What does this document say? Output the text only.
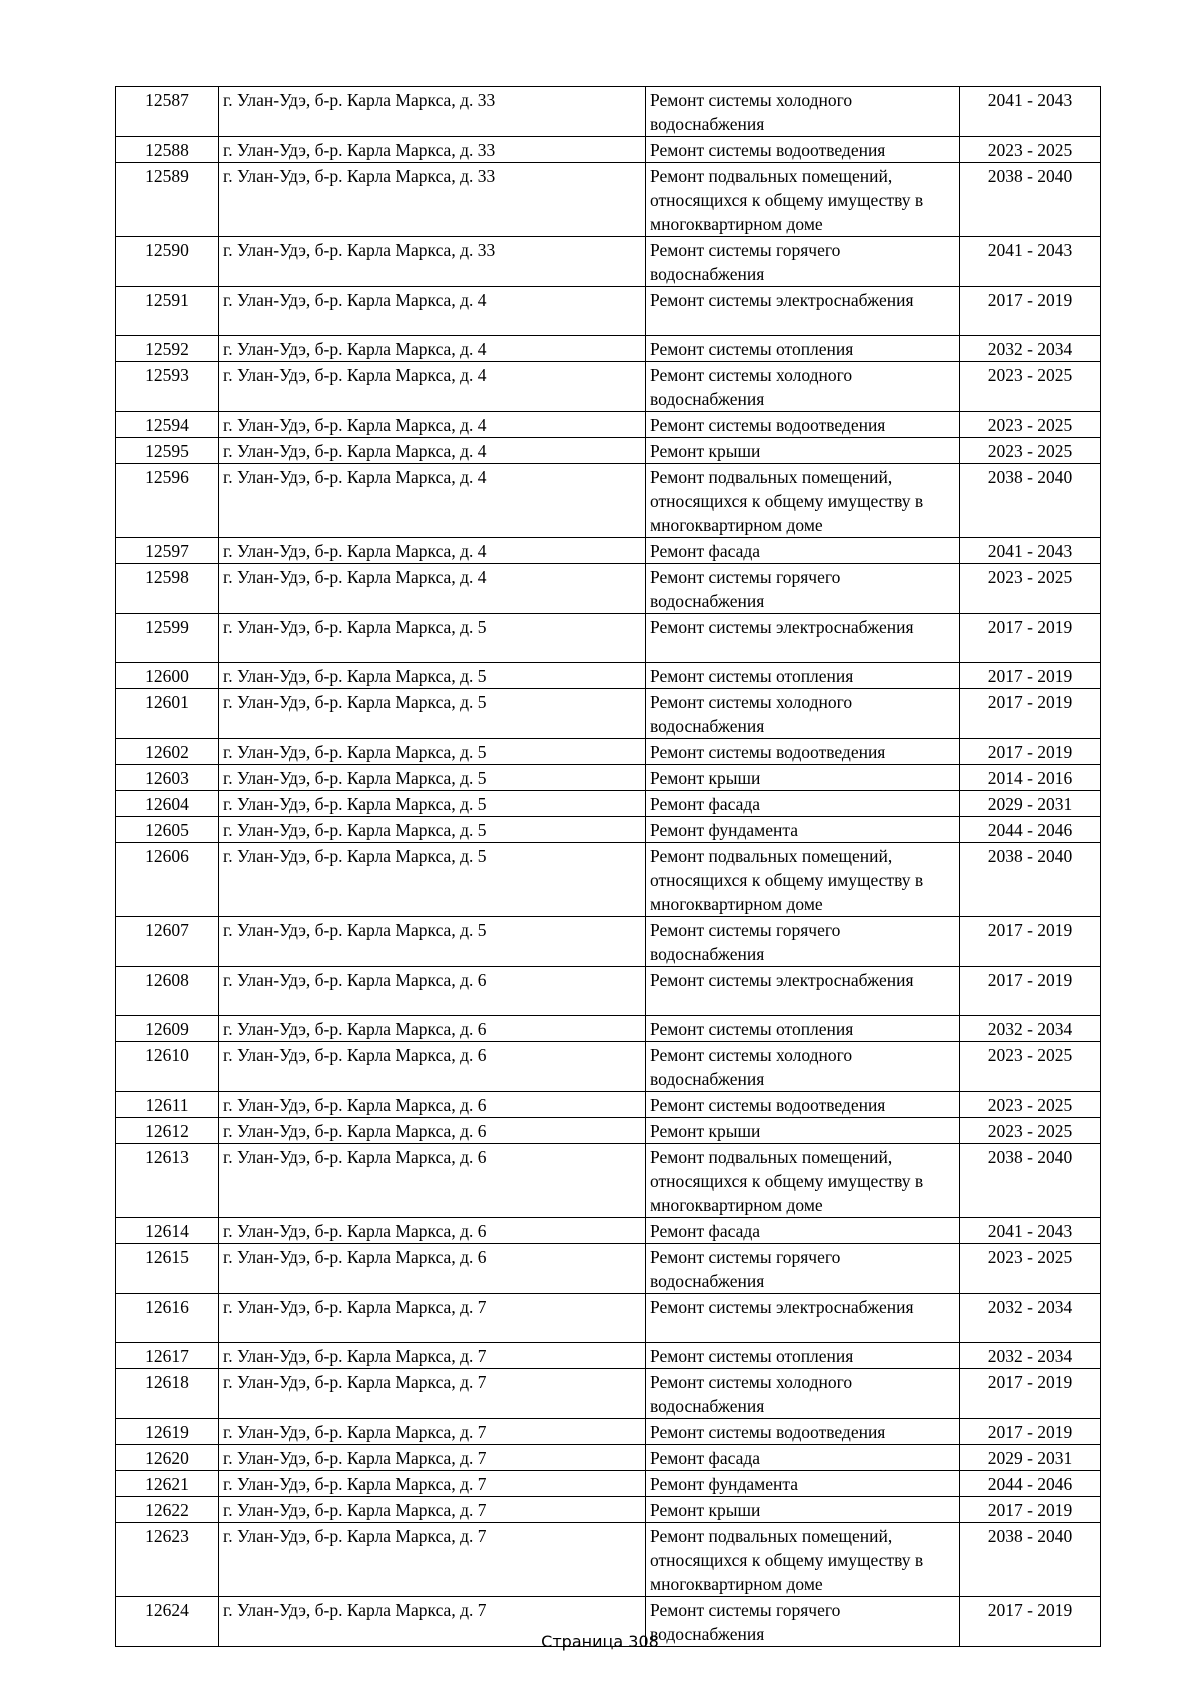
12587	г. Улан-Удэ, б-р. Карла Маркса, д. 33	Ремонт системы холодного водоснабжения	2041 - 2043
12588	г. Улан-Удэ, б-р. Карла Маркса, д. 33	Ремонт системы водоотведения	2023 - 2025
12589	г. Улан-Удэ, б-р. Карла Маркса, д. 33	Ремонт подвальных помещений, относящихся к общему имуществу в многоквартирном доме	2038 - 2040
12590	г. Улан-Удэ, б-р. Карла Маркса, д. 33	Ремонт системы горячего водоснабжения	2041 - 2043
12591	г. Улан-Удэ, б-р. Карла Маркса, д. 4	Ремонт системы электроснабжения	2017 - 2019
12592	г. Улан-Удэ, б-р. Карла Маркса, д. 4	Ремонт системы отопления	2032 - 2034
12593	г. Улан-Удэ, б-р. Карла Маркса, д. 4	Ремонт системы холодного водоснабжения	2023 - 2025
12594	г. Улан-Удэ, б-р. Карла Маркса, д. 4	Ремонт системы водоотведения	2023 - 2025
12595	г. Улан-Удэ, б-р. Карла Маркса, д. 4	Ремонт крыши	2023 - 2025
12596	г. Улан-Удэ, б-р. Карла Маркса, д. 4	Ремонт подвальных помещений, относящихся к общему имуществу в многоквартирном доме	2038 - 2040
12597	г. Улан-Удэ, б-р. Карла Маркса, д. 4	Ремонт фасада	2041 - 2043
12598	г. Улан-Удэ, б-р. Карла Маркса, д. 4	Ремонт системы горячего водоснабжения	2023 - 2025
12599	г. Улан-Удэ, б-р. Карла Маркса, д. 5	Ремонт системы электроснабжения	2017 - 2019
12600	г. Улан-Удэ, б-р. Карла Маркса, д. 5	Ремонт системы отопления	2017 - 2019
12601	г. Улан-Удэ, б-р. Карла Маркса, д. 5	Ремонт системы холодного водоснабжения	2017 - 2019
12602	г. Улан-Удэ, б-р. Карла Маркса, д. 5	Ремонт системы водоотведения	2017 - 2019
12603	г. Улан-Удэ, б-р. Карла Маркса, д. 5	Ремонт крыши	2014 - 2016
12604	г. Улан-Удэ, б-р. Карла Маркса, д. 5	Ремонт фасада	2029 - 2031
12605	г. Улан-Удэ, б-р. Карла Маркса, д. 5	Ремонт фундамента	2044 - 2046
12606	г. Улан-Удэ, б-р. Карла Маркса, д. 5	Ремонт подвальных помещений, относящихся к общему имуществу в многоквартирном доме	2038 - 2040
12607	г. Улан-Удэ, б-р. Карла Маркса, д. 5	Ремонт системы горячего водоснабжения	2017 - 2019
12608	г. Улан-Удэ, б-р. Карла Маркса, д. 6	Ремонт системы электроснабжения	2017 - 2019
12609	г. Улан-Удэ, б-р. Карла Маркса, д. 6	Ремонт системы отопления	2032 - 2034
12610	г. Улан-Удэ, б-р. Карла Маркса, д. 6	Ремонт системы холодного водоснабжения	2023 - 2025
12611	г. Улан-Удэ, б-р. Карла Маркса, д. 6	Ремонт системы водоотведения	2023 - 2025
12612	г. Улан-Удэ, б-р. Карла Маркса, д. 6	Ремонт крыши	2023 - 2025
12613	г. Улан-Удэ, б-р. Карла Маркса, д. 6	Ремонт подвальных помещений, относящихся к общему имуществу в многоквартирном доме	2038 - 2040
12614	г. Улан-Удэ, б-р. Карла Маркса, д. 6	Ремонт фасада	2041 - 2043
12615	г. Улан-Удэ, б-р. Карла Маркса, д. 6	Ремонт системы горячего водоснабжения	2023 - 2025
12616	г. Улан-Удэ, б-р. Карла Маркса, д. 7	Ремонт системы электроснабжения	2032 - 2034
12617	г. Улан-Удэ, б-р. Карла Маркса, д. 7	Ремонт системы отопления	2032 - 2034
12618	г. Улан-Удэ, б-р. Карла Маркса, д. 7	Ремонт системы холодного водоснабжения	2017 - 2019
12619	г. Улан-Удэ, б-р. Карла Маркса, д. 7	Ремонт системы водоотведения	2017 - 2019
12620	г. Улан-Удэ, б-р. Карла Маркса, д. 7	Ремонт фасада	2029 - 2031
12621	г. Улан-Удэ, б-р. Карла Маркса, д. 7	Ремонт фундамента	2044 - 2046
12622	г. Улан-Удэ, б-р. Карла Маркса, д. 7	Ремонт крыши	2017 - 2019
12623	г. Улан-Удэ, б-р. Карла Маркса, д. 7	Ремонт подвальных помещений, относящихся к общему имуществу в многоквартирном доме	2038 - 2040
12624	г. Улан-Удэ, б-р. Карла Маркса, д. 7	Ремонт системы горячего водоснабжения	2017 - 2019
Страница 308
